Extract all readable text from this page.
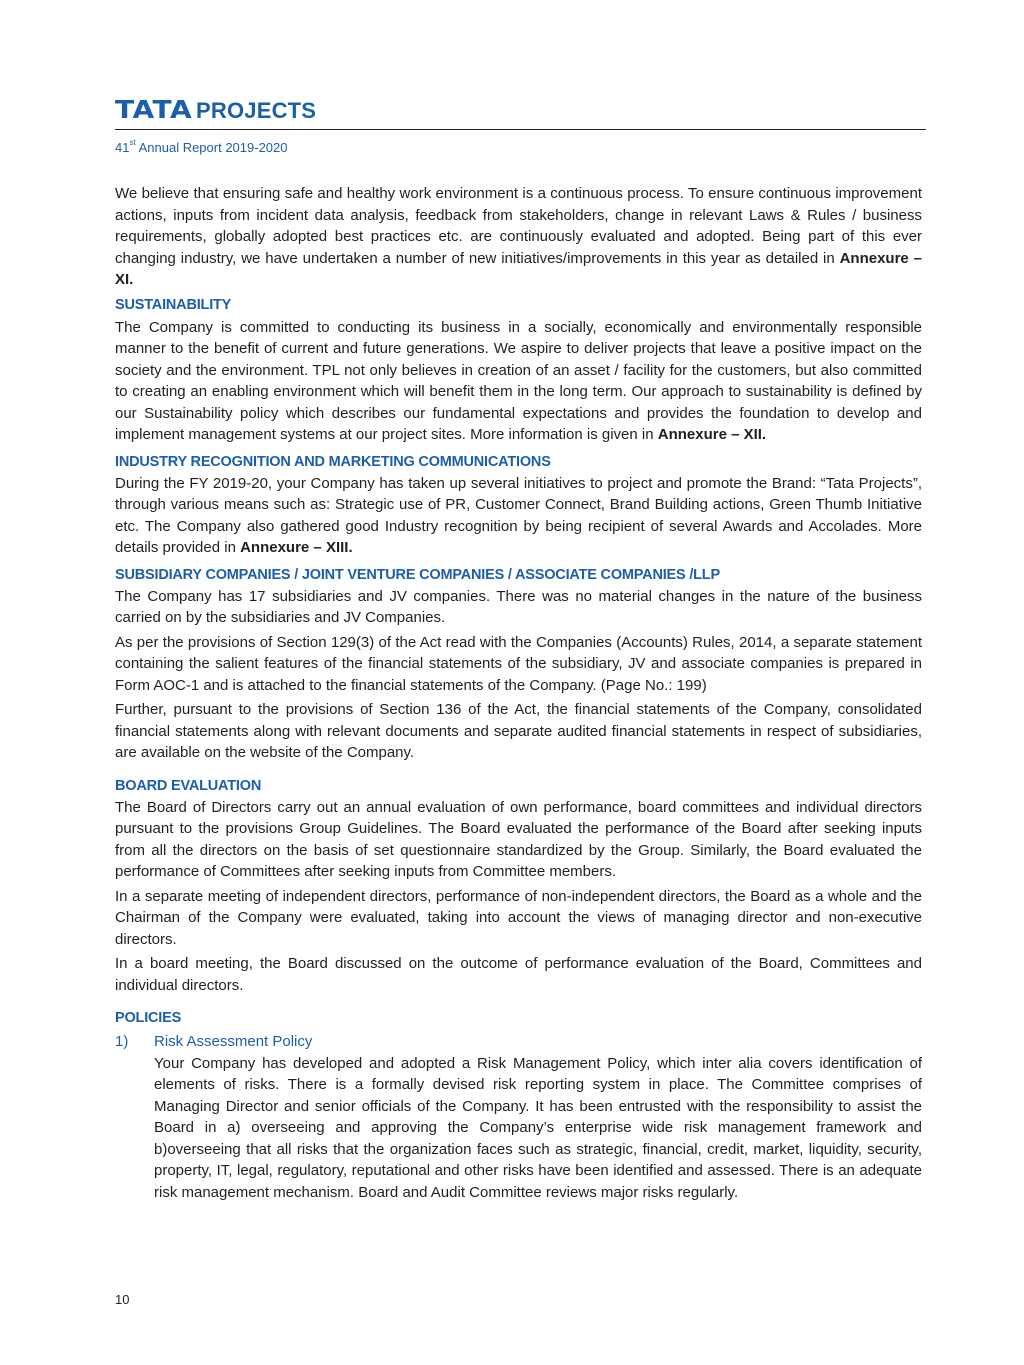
TATA PROJECTS
41st Annual Report 2019-2020

We believe that ensuring safe and healthy work environment is a continuous process. To ensure continuous improvement actions, inputs from incident data analysis, feedback from stakeholders, change in relevant Laws & Rules / business requirements, globally adopted best practices etc. are continuously evaluated and adopted. Being part of this ever changing industry, we have undertaken a number of new initiatives/improvements in this year as detailed in Annexure – XI.

SUSTAINABILITY

The Company is committed to conducting its business in a socially, economically and environmentally responsible manner to the benefit of current and future generations. We aspire to deliver projects that leave a positive impact on the society and the environment. TPL not only believes in creation of an asset / facility for the customers, but also committed to creating an enabling environment which will benefit them in the long term. Our approach to sustainability is defined by our Sustainability policy which describes our fundamental expectations and provides the foundation to develop and implement management systems at our project sites. More information is given in Annexure – XII.

INDUSTRY RECOGNITION AND MARKETING COMMUNICATIONS

During the FY 2019-20, your Company has taken up several initiatives to project and promote the Brand: “Tata Projects”, through various means such as: Strategic use of PR, Customer Connect, Brand Building actions, Green Thumb Initiative etc. The Company also gathered good Industry recognition by being recipient of several Awards and Accolades. More details provided in Annexure – XIII.

SUBSIDIARY COMPANIES / JOINT VENTURE COMPANIES / ASSOCIATE COMPANIES /LLP

The Company has 17 subsidiaries and JV companies. There was no material changes in the nature of the business carried on by the subsidiaries and JV Companies.

As per the provisions of Section 129(3) of the Act read with the Companies (Accounts) Rules, 2014, a separate statement containing the salient features of the financial statements of the subsidiary, JV and associate companies is prepared in Form AOC-1 and is attached to the financial statements of the Company. (Page No.: 199)

Further, pursuant to the provisions of Section 136 of the Act, the financial statements of the Company, consolidated financial statements along with relevant documents and separate audited financial statements in respect of subsidiaries, are available on the website of the Company.

BOARD EVALUATION

The Board of Directors carry out an annual evaluation of own performance, board committees and individual directors pursuant to the provisions Group Guidelines. The Board evaluated the performance of the Board after seeking inputs from all the directors on the basis of set questionnaire standardized by the Group. Similarly, the Board evaluated the performance of Committees after seeking inputs from Committee members.

In a separate meeting of independent directors, performance of non-independent directors, the Board as a whole and the Chairman of the Company were evaluated, taking into account the views of managing director and non-executive directors.

In a board meeting, the Board discussed on the outcome of performance evaluation of the Board, Committees and individual directors.

POLICIES
1)	Risk Assessment Policy

Your Company has developed and adopted a Risk Management Policy, which inter alia covers identification of elements of risks. There is a formally devised risk reporting system in place. The Committee comprises of Managing Director and senior officials of the Company. It has been entrusted with the responsibility to assist the Board in a) overseeing and approving the Company’s enterprise wide risk management framework and b)overseeing that all risks that the organization faces such as strategic, financial, credit, market, liquidity, security, property, IT, legal, regulatory, reputational and other risks have been identified and assessed. There is an adequate risk management mechanism. Board and Audit Committee reviews major risks regularly.

10
